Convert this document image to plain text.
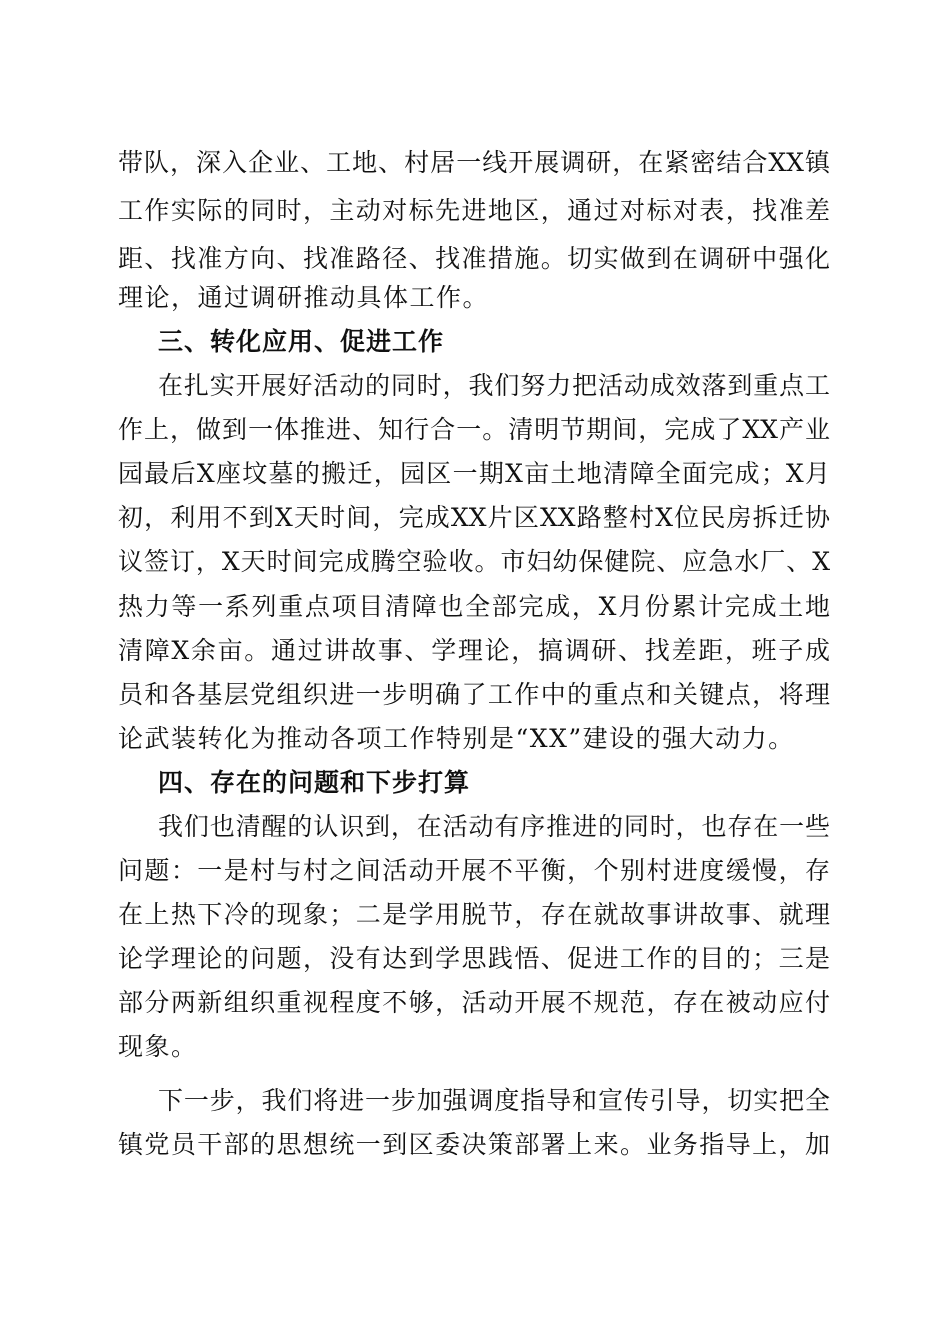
带队，深入企业、工地、村居一线开展调研，在紧密结合XX镇
工作实际的同时，主动对标先进地区，通过对标对表，找准差
距、找准方向、找准路径、找准措施。切实做到在调研中强化
理论，通过调研推动具体工作。
三、转化应用、促进工作
在扎实开展好活动的同时，我们努力把活动成效落到重点工
作上，做到一体推进、知行合一。清明节期间，完成了XX产业
园最后X座坟墓的搬迁，园区一期X亩土地清障全面完成；X月
初，利用不到X天时间，完成XX片区XX路整村X位民房拆迁协
议签订，X天时间完成腾空验收。市妇幼保健院、应急水厂、X
热力等一系列重点项目清障也全部完成，X月份累计完成土地
清障X余亩。通过讲故事、学理论，搞调研、找差距，班子成
员和各基层党组织进一步明确了工作中的重点和关键点，将理
论武装转化为推动各项工作特别是“XX”建设的强大动力。
四、存在的问题和下步打算
我们也清醒的认识到，在活动有序推进的同时，也存在一些
问题：一是村与村之间活动开展不平衡，个别村进度缓慢，存
在上热下冷的现象；二是学用脱节，存在就故事讲故事、就理
论学理论的问题，没有达到学思践悟、促进工作的目的；三是
部分两新组织重视程度不够，活动开展不规范，存在被动应付
现象。
下一步，我们将进一步加强调度指导和宣传引导，切实把全
镇党员干部的思想统一到区委决策部署上来。业务指导上，加
